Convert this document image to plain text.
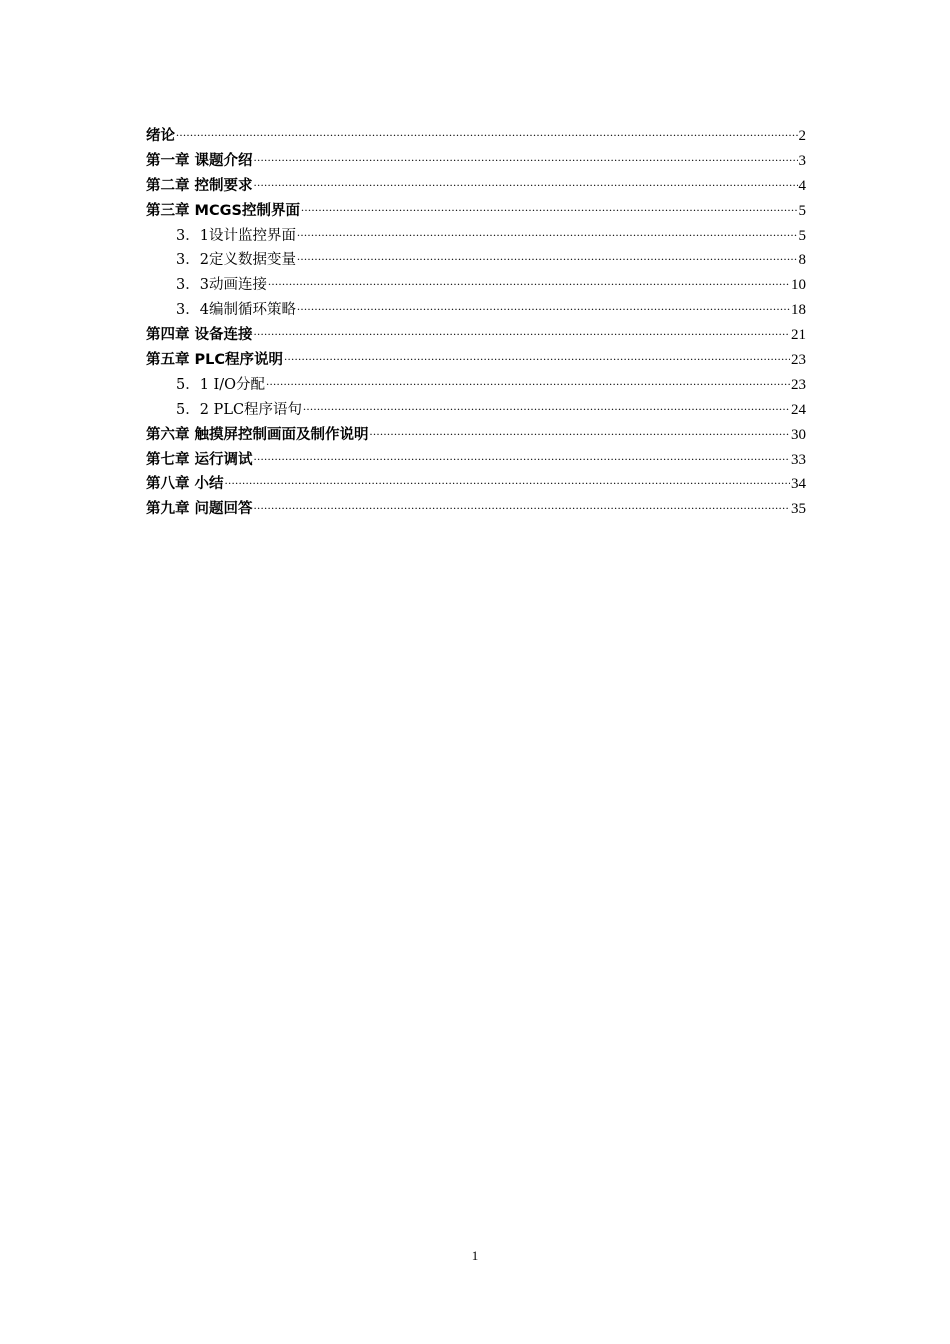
绪论 .....	2
第一章 课题介绍 .....	3
第二章 控制要求 .....	4
第三章 MCGS控制界面 .....	5
3．1设计监控界面 .....	5
3．2定义数据变量 .....	8
3．3动画连接 .....	10
3．4编制循环策略 .....	18
第四章 设备连接 .....	21
第五章 PLC程序说明 .....	23
5．1 I/O分配 .....	23
5．2 PLC程序语句 .....	24
第六章 触摸屏控制画面及制作说明 .....	30
第七章 运行调试 .....	33
第八章 小结 .....	34
第九章 问题回答 .....	35
1
